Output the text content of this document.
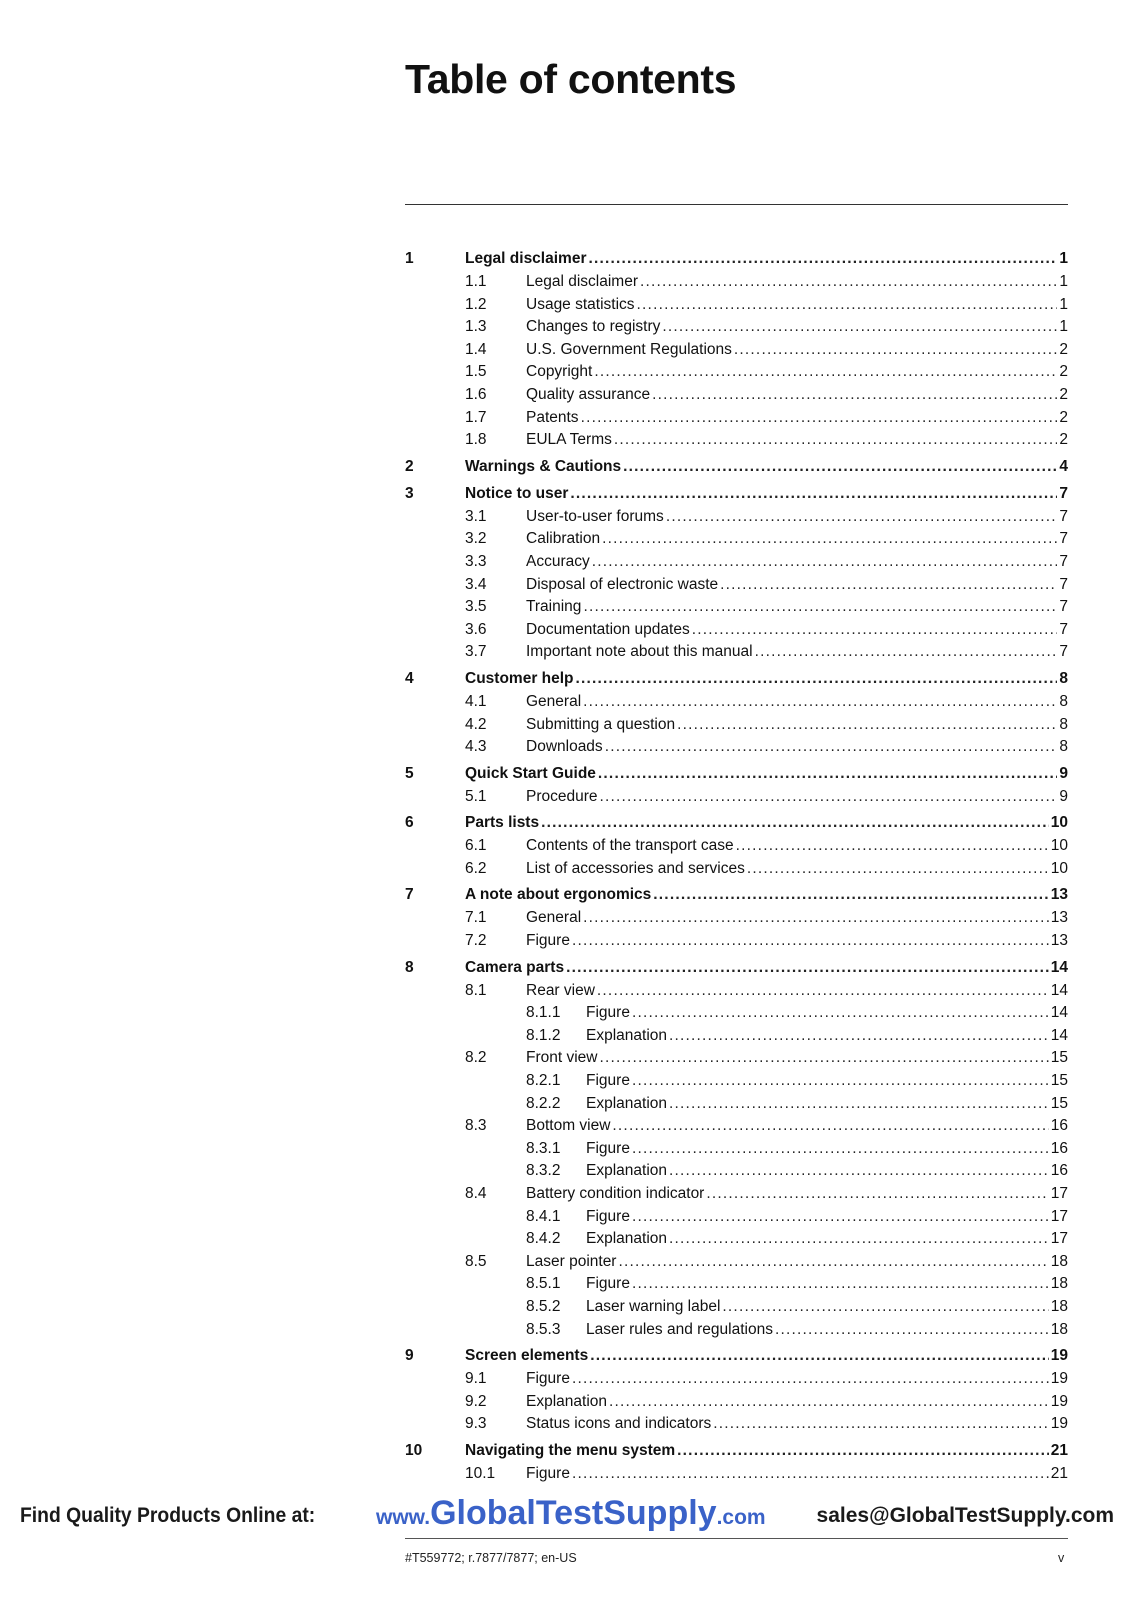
Table of contents
1	Legal disclaimer .....	1
1.1	Legal disclaimer .....	1
1.2	Usage statistics .....	1
1.3	Changes to registry .....	1
1.4	U.S. Government Regulations .....	2
1.5	Copyright .....	2
1.6	Quality assurance .....	2
1.7	Patents .....	2
1.8	EULA Terms .....	2
2	Warnings & Cautions .....	4
3	Notice to user .....	7
3.1	User-to-user forums .....	7
3.2	Calibration .....	7
3.3	Accuracy .....	7
3.4	Disposal of electronic waste .....	7
3.5	Training .....	7
3.6	Documentation updates .....	7
3.7	Important note about this manual .....	7
4	Customer help .....	8
4.1	General .....	8
4.2	Submitting a question .....	8
4.3	Downloads .....	8
5	Quick Start Guide .....	9
5.1	Procedure .....	9
6	Parts lists .....	10
6.1	Contents of the transport case .....	10
6.2	List of accessories and services .....	10
7	A note about ergonomics .....	13
7.1	General .....	13
7.2	Figure .....	13
8	Camera parts .....	14
8.1	Rear view .....	14
8.1.1	Figure .....	14
8.1.2	Explanation .....	14
8.2	Front view .....	15
8.2.1	Figure .....	15
8.2.2	Explanation .....	15
8.3	Bottom view .....	16
8.3.1	Figure .....	16
8.3.2	Explanation .....	16
8.4	Battery condition indicator .....	17
8.4.1	Figure .....	17
8.4.2	Explanation .....	17
8.5	Laser pointer .....	18
8.5.1	Figure .....	18
8.5.2	Laser warning label .....	18
8.5.3	Laser rules and regulations .....	18
9	Screen elements .....	19
9.1	Figure .....	19
9.2	Explanation .....	19
9.3	Status icons and indicators .....	19
10	Navigating the menu system .....	21
10.1	Figure .....	21
Find Quality Products Online at:	www.GlobalTestSupply.com sales@GlobalTestSupply.com
#T559772; r.7877/7877; en-US	v
